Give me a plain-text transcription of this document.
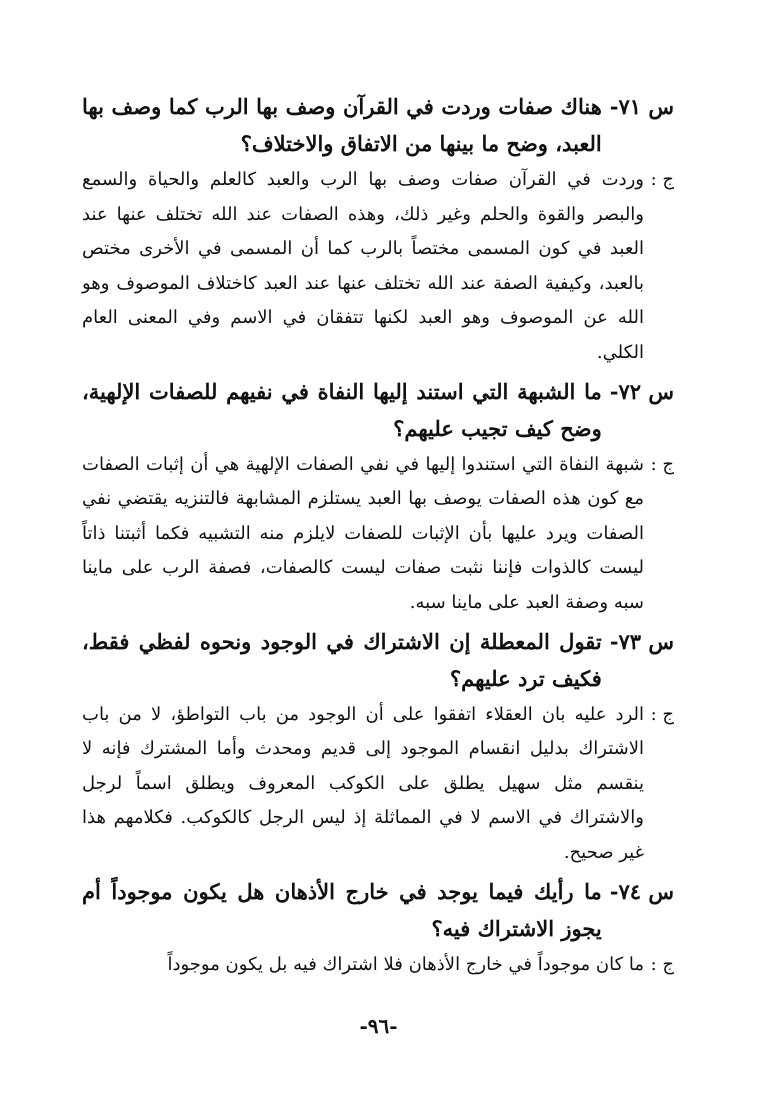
س ٧١-
هناك صفات وردت في القرآن وصف بها الرب كما وصف بها العبد، وضح ما بينها من الاتفاق والاختلاف؟
ج :
وردت في القرآن صفات وصف بها الرب والعبد كالعلم والحياة والسمع والبصر والقوة والحلم وغير ذلك، وهذه الصفات عند الله تختلف عنها عند العبد في كون المسمى مختصاً بالرب كما أن المسمى في الأخرى مختص بالعبد، وكيفية الصفة عند الله تختلف عنها عند العبد كاختلاف الموصوف وهو الله عن الموصوف وهو العبد لكنها تتفقان في الاسم وفي المعنى العام الكلي.
س ٧٢-
ما الشبهة التي استند إليها النفاة في نفيهم للصفات الإلهية، وضح كيف تجيب عليهم؟
ج :
شبهة النفاة التي استندوا إليها في نفي الصفات الإلهية هي أن إثبات الصفات مع كون هذه الصفات يوصف بها العبد يستلزم المشابهة فالتنزيه يقتضي نفي الصفات ويرد عليها بأن الإثبات للصفات لايلزم منه التشبيه فكما أثبتنا ذاتاً ليست كالذوات فإننا نثبت صفات ليست كالصفات، فصفة الرب على ماينا سبه وصفة العبد على ماينا سبه.
س ٧٣-
تقول المعطلة إن الاشتراك في الوجود ونحوه لفظي فقط، فكيف ترد عليهم؟
ج :
الرد عليه بان العقلاء اتفقوا على أن الوجود من باب التواطؤ، لا من باب الاشتراك بدليل انقسام الموجود إلى قديم ومحدث وأما المشترك فإنه لا ينقسم مثل سهيل يطلق على الكوكب المعروف ويطلق اسماً لرجل والاشتراك في الاسم لا في المماثلة إذ ليس الرجل كالكوكب. فكلامهم هذا غير صحيح.
س ٧٤-
ما رأيك فيما يوجد في خارج الأذهان هل يكون موجوداً أم يجوز الاشتراك فيه؟
ج :
ما كان موجوداً في خارج الأذهان فلا اشتراك فيه بل يكون موجوداً
-٩٦-
